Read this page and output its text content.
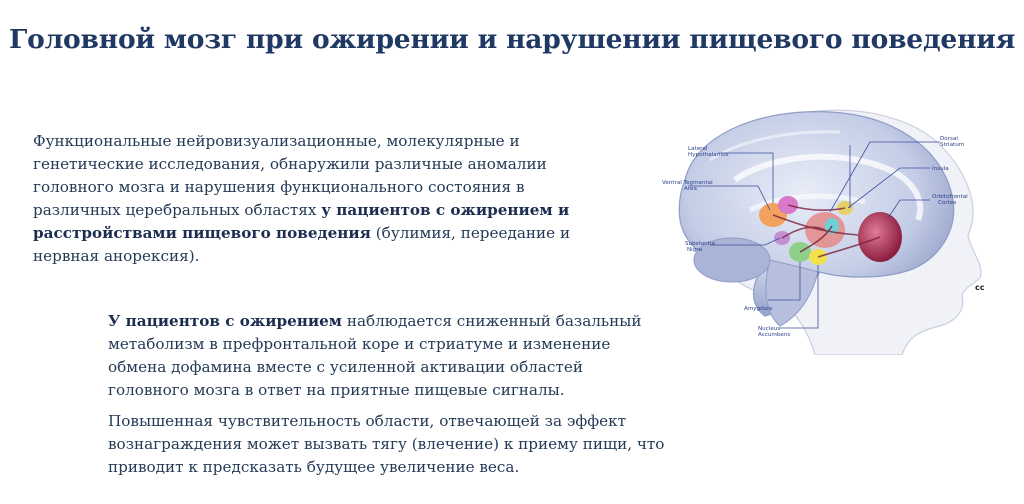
Головной мозг при ожирении и нарушении пищевого поведения
Функциональные нейровизуализационные, молекулярные и генетические исследования, обнаружили различные аномалии головного мозга и нарушения функционального состояния в различных церебральных областях у пациентов с ожирением и расстройствами пищевого поведения (булимия, переедание и нервная анорексия).
У пациентов с ожирением наблюдается сниженный базальный метаболизм в префронтальной коре и стриатуме и изменение обмена дофамина вместе с усиленной активации областей головного мозга в ответ на приятные пищевые сигналы.
Повышенная чувствительность области, отвечающей за эффект вознаграждения может вызвать тягу (влечение) к приему пищи, что приводит к предсказать будущее увеличение веса.
Lateral Hypothalamus
Ventral Tegmental Area
Substantia Nigra
Dorsal Striatum
Insula
Orbitofrontal Cortex
Amygdala
Nucleus Accumbens
cc
